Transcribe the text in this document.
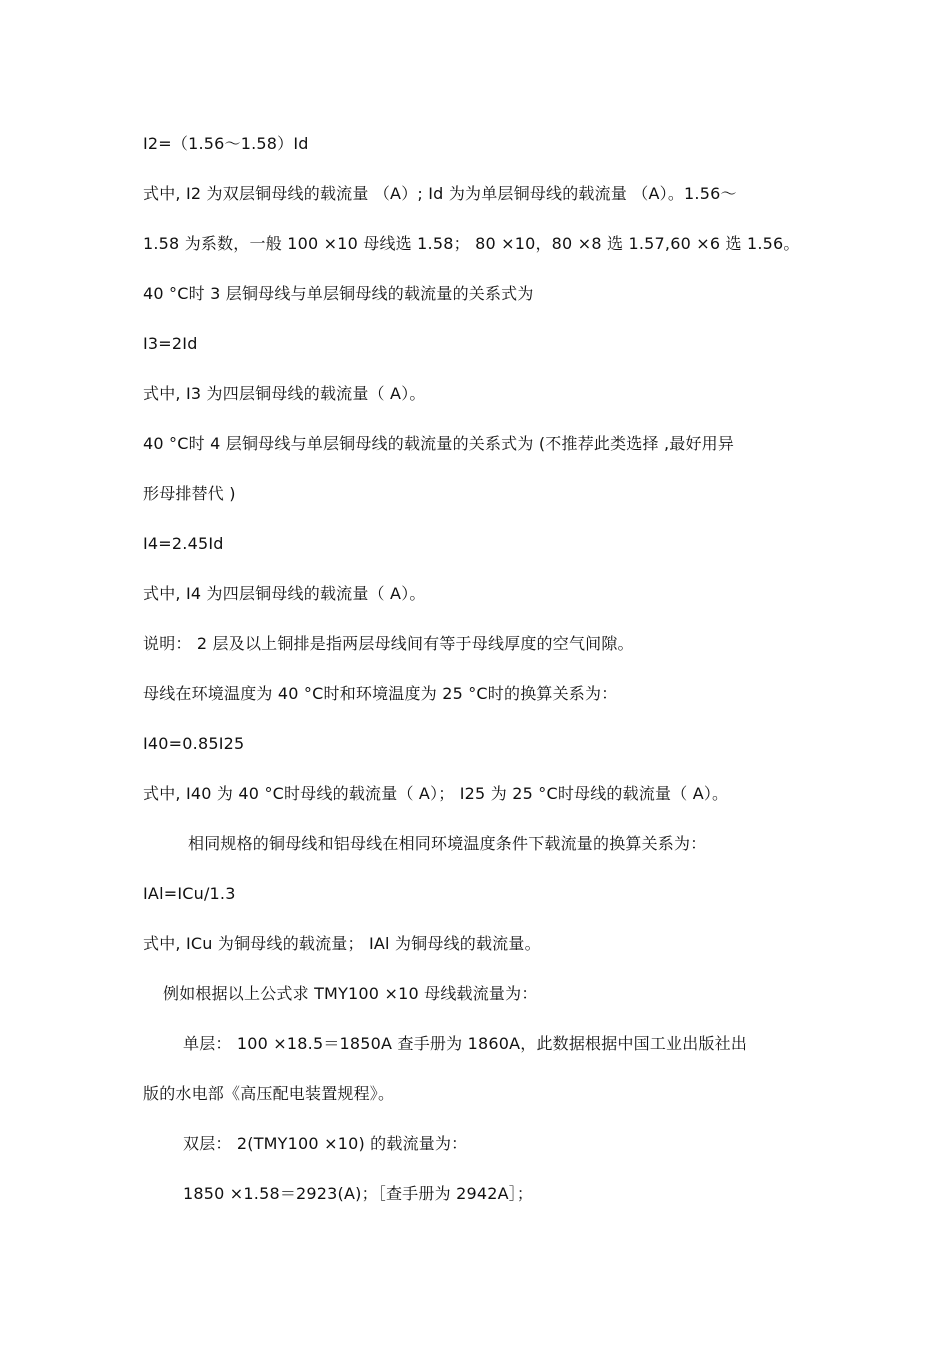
I2=（1.56～1.58）Id
式中, I2 为双层铜母线的载流量 （A）; Id 为为单层铜母线的载流量 （A）。1.56～
1.58 为系数，一般 100 ×10 母线选 1.58； 80 ×10，80 ×8 选 1.57,60 ×6 选 1.56。
40 °C时 3 层铜母线与单层铜母线的载流量的关系式为
I3=2Id
式中, I3 为四层铜母线的载流量（ A）。
40 °C时 4 层铜母线与单层铜母线的载流量的关系式为 (不推荐此类选择 ,最好用异
形母排替代 )
I4=2.45Id
式中, I4 为四层铜母线的载流量（ A）。
说明： 2 层及以上铜排是指两层母线间有等于母线厚度的空气间隙。
母线在环境温度为 40 °C时和环境温度为 25 °C时的换算关系为：
I40=0.85I25
式中, I40 为 40 °C时母线的载流量（ A）； I25 为 25 °C时母线的载流量（ A）。
相同规格的铜母线和铝母线在相同环境温度条件下载流量的换算关系为：
IAl=ICu/1.3
式中, ICu 为铜母线的载流量； IAl 为铜母线的载流量。
例如根据以上公式求 TMY100 ×10 母线载流量为：
单层： 100 ×18.5＝1850A 查手册为 1860A，此数据根据中国工业出版社出
版的水电部《高压配电装置规程》。
双层： 2(TMY100 ×10) 的载流量为：
1850 ×1.58＝2923(A)；［查手册为 2942A］；
